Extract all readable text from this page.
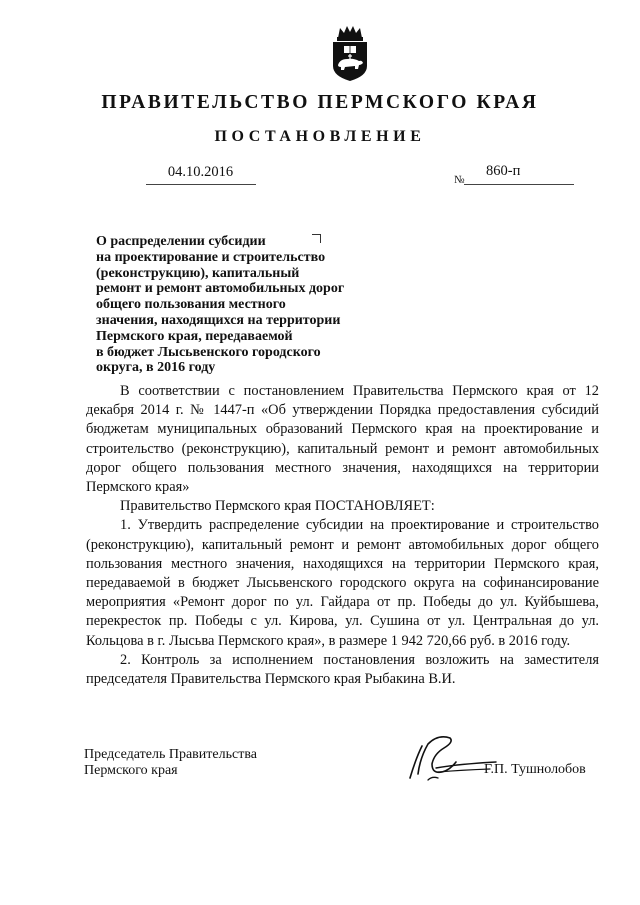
ПРАВИТЕЛЬСТВО ПЕРМСКОГО КРАЯ
ПОСТАНОВЛЕНИЕ
04.10.2016	№
860-п
О распределении субсидии
на проектирование и строительство
(реконструкцию), капитальный
ремонт и ремонт автомобильных дорог
общего пользования местного
значения, находящихся на территории
Пермского края, передаваемой
в бюджет Лысьвенского городского
округа, в 2016 году

В соответствии с постановлением Правительства Пермского края от 12 декабря 2014 г. № 1447-п «Об утверждении Порядка предоставления субсидий бюджетам муниципальных образований Пермского края на проектирование и строительство (реконструкцию), капитальный ремонт и ремонт автомобильных дорог общего пользования местного значения, находящихся на территории Пермского края»

Правительство Пермского края ПОСТАНОВЛЯЕТ:

1. Утвердить распределение субсидии на проектирование и строительство (реконструкцию), капитальный ремонт и ремонт автомобильных дорог общего пользования местного значения, находящихся на территории Пермского края, передаваемой в бюджет Лысьвенского городского округа на софинансирование мероприятия «Ремонт дорог по ул. Гайдара от пр. Победы до ул. Куйбышева, перекресток пр. Победы с ул. Кирова, ул. Сушина от ул. Центральная до ул. Кольцова в г. Лысьва Пермского края», в размере 1 942 720,66 руб. в 2016 году.

2. Контроль за исполнением постановления возложить на заместителя председателя Правительства Пермского края Рыбакина В.И.

Председатель Правительства
Пермского края	Г.П. Тушнолобов
